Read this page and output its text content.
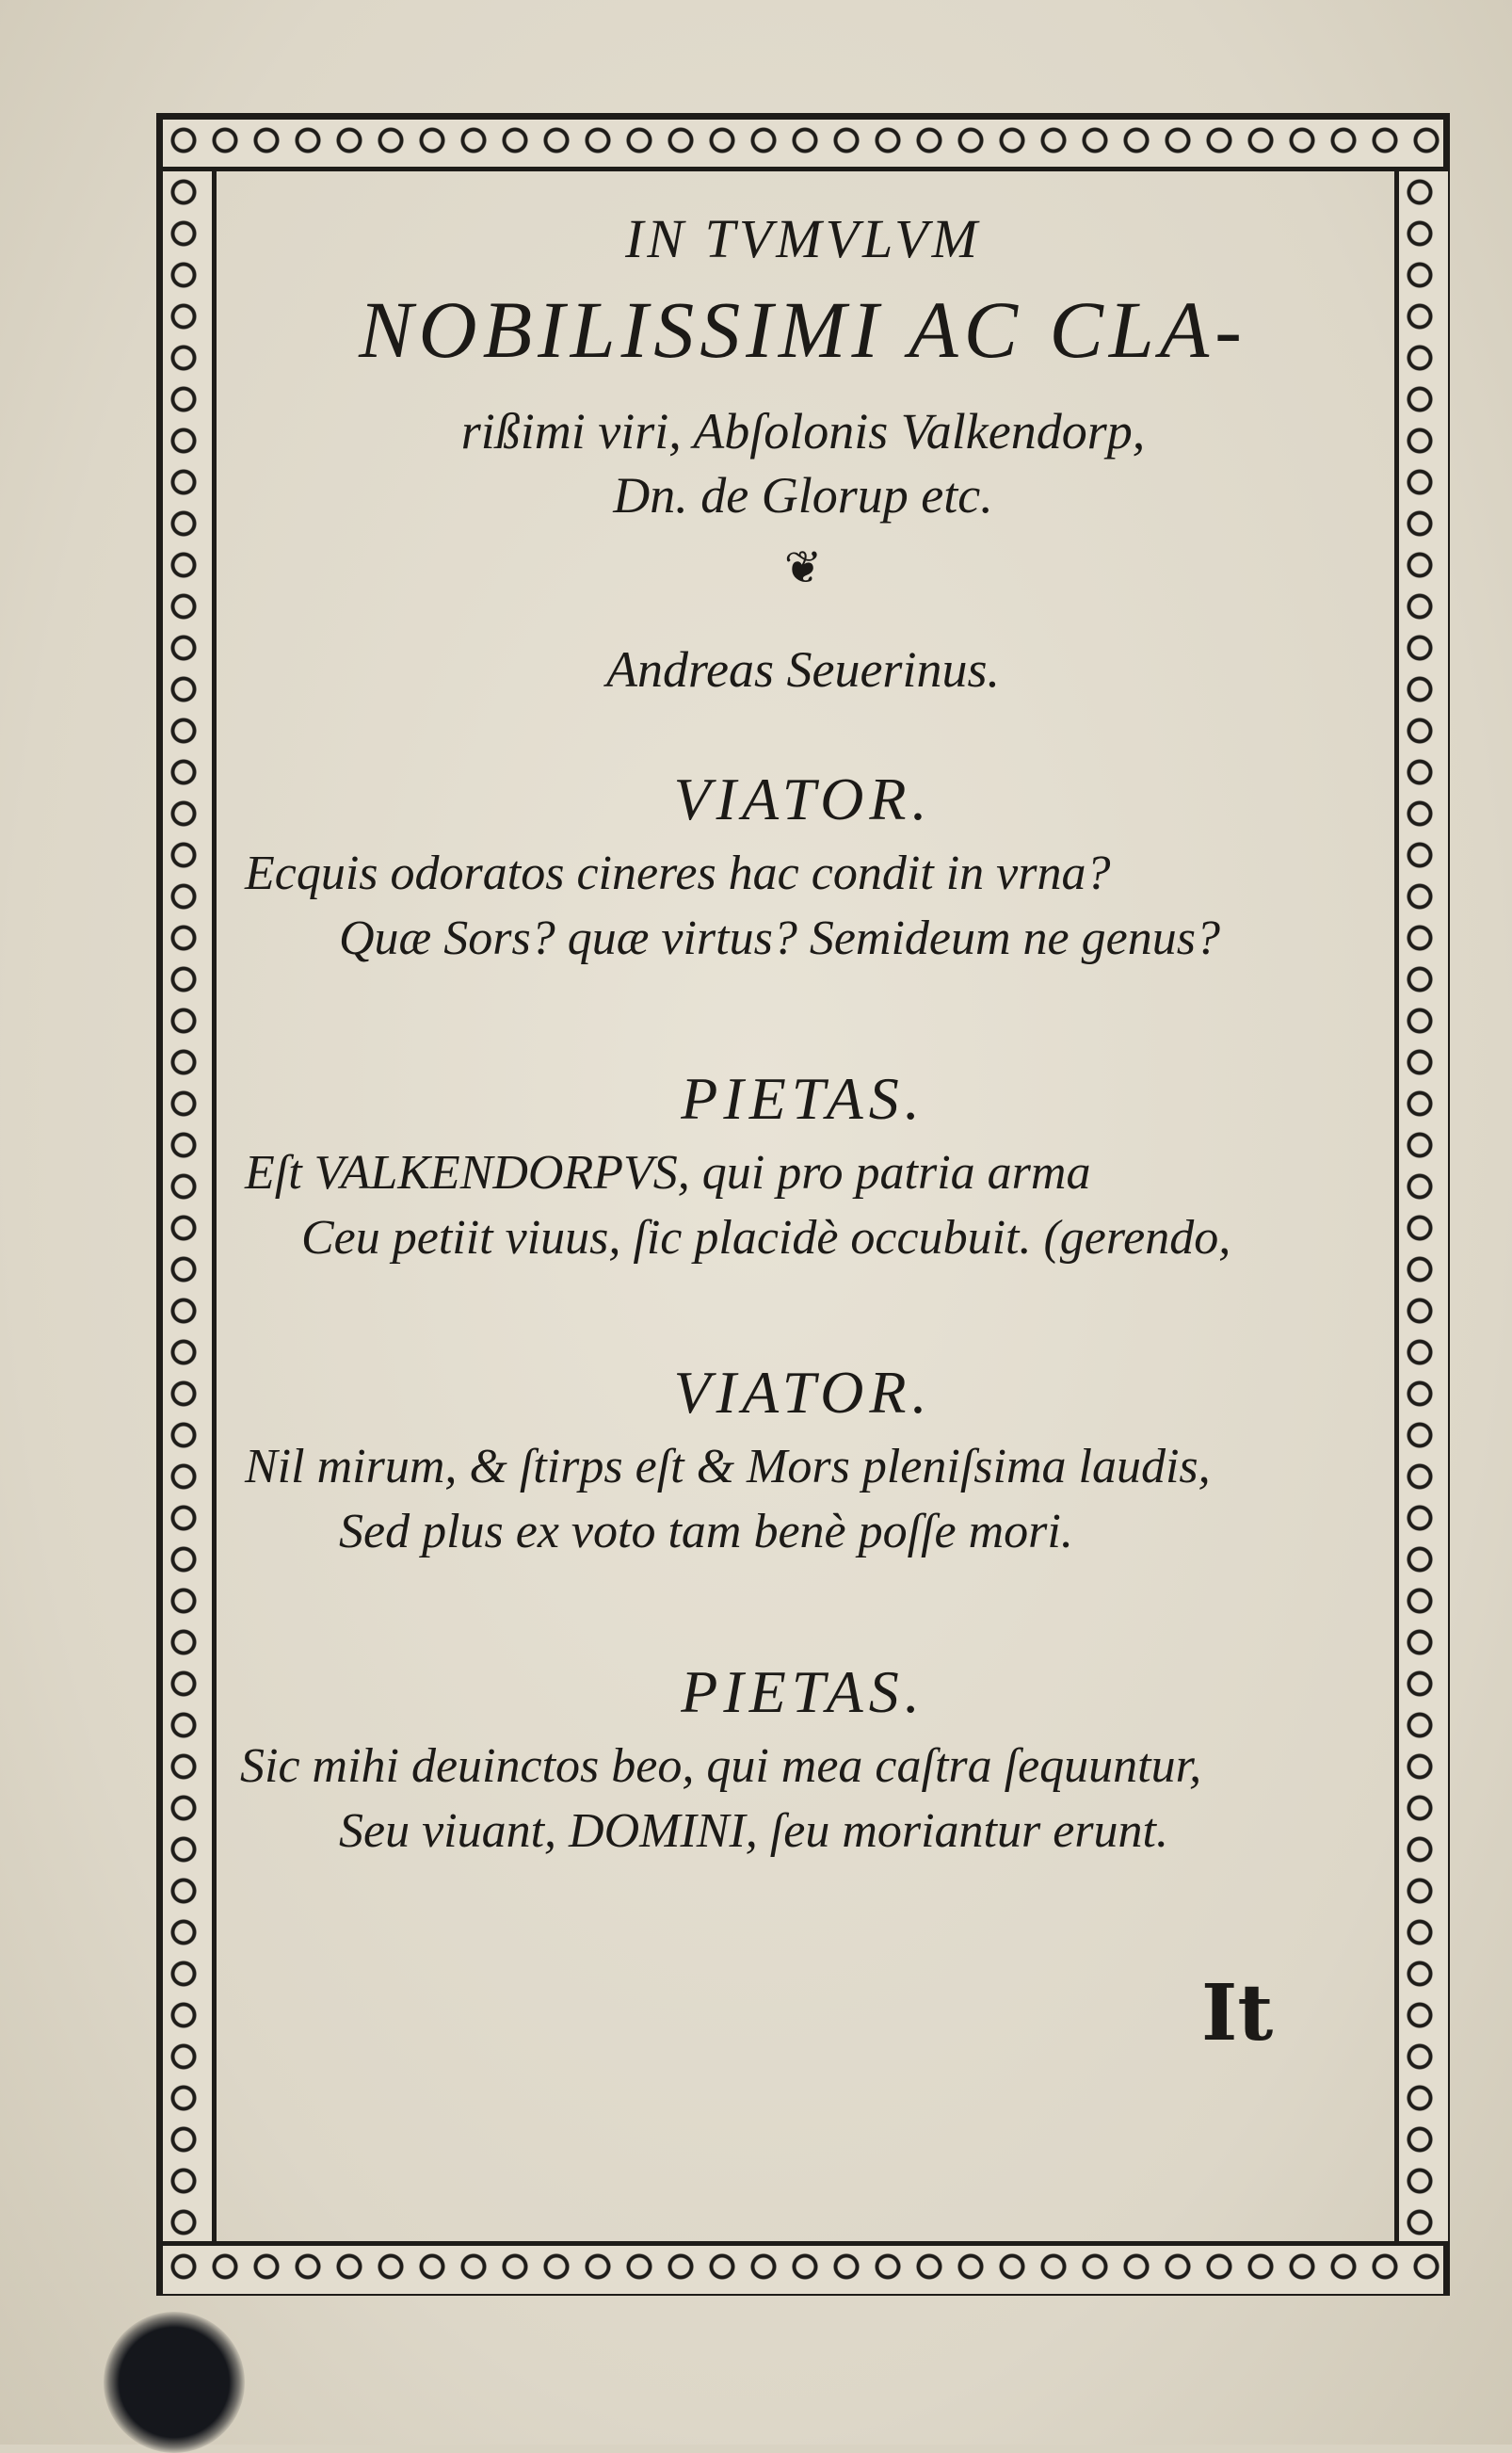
IN TVMVLVM
NOBILISSIMI AC CLA-
rißimi viri, Abſolonis Valkendorp,
Dn. de Glorup etc.
❦
Andreas Seuerinus.
VIATOR.
Ecquis odoratos cineres hac condit in vrna?
Quæ Sors? quæ virtus? Semideum ne genus?
PIETAS.
Eſt VALKENDORPVS, qui pro patria arma
Ceu petiit viuus, ſic placidè occubuit. (gerendo,
VIATOR.
Nil mirum, & ſtirps eſt & Mors pleniſsima laudis,
Sed plus ex voto tam benè poſſe mori.
PIETAS.
Sic mihi deuinctos beo, qui mea caſtra ſequuntur,
Seu viuant, DOMINI, ſeu moriantur erunt.
It
